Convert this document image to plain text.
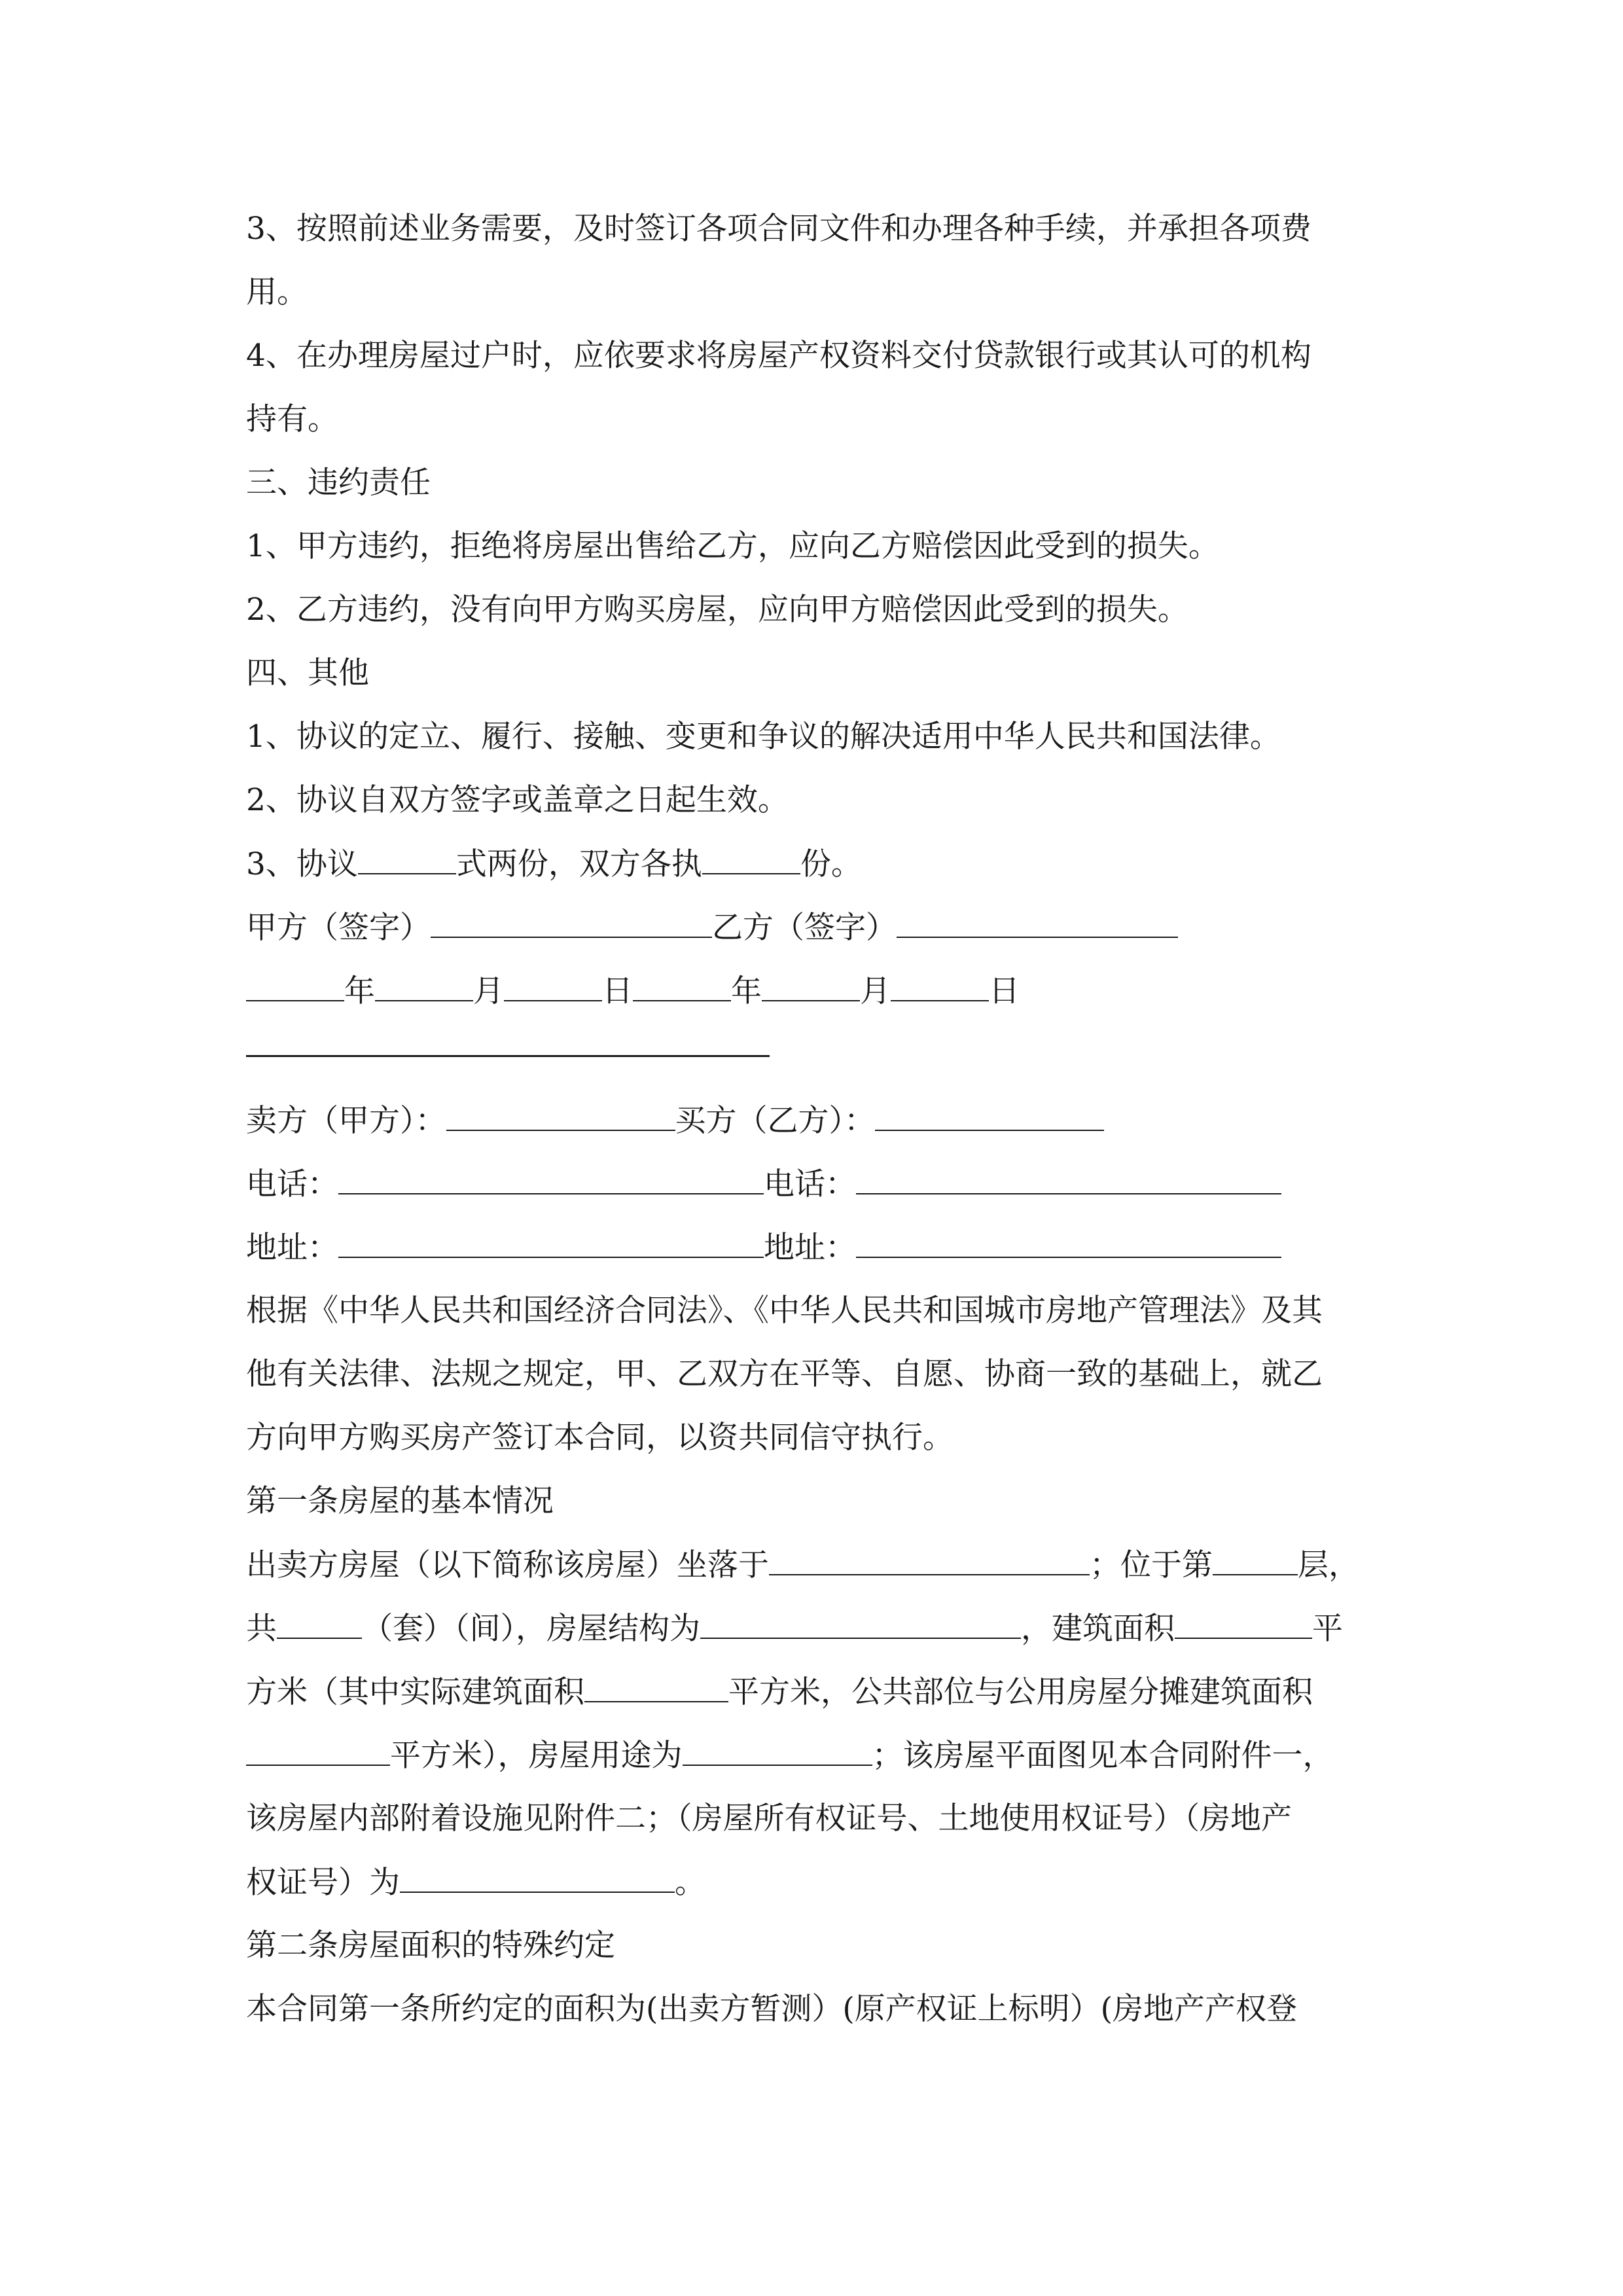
3、按照前述业务需要，及时签订各项合同文件和办理各种手续，并承担各项费
用。
4、在办理房屋过户时，应依要求将房屋产权资料交付贷款银行或其认可的机构
持有。
三、违约责任
1、甲方违约，拒绝将房屋出售给乙方，应向乙方赔偿因此受到的损失。
2、乙方违约，没有向甲方购买房屋，应向甲方赔偿因此受到的损失。
四、其他
1、协议的定立、履行、接触、变更和争议的解决适用中华人民共和国法律。
2、协议自双方签字或盖章之日起生效。
3、协议	式两份，双方各执	份。
甲方（签字）	乙方（签字）
年	月	日	年	月	日
卖方（甲方）：	买方（乙方）：
电话：	电话：
地址：	地址：
根据《中华人民共和国经济合同法》、《中华人民共和国城市房地产管理法》及其
他有关法律、法规之规定，甲、乙双方在平等、自愿、协商一致的基础上，就乙
方向甲方购买房产签订本合同，以资共同信守执行。
第一条房屋的基本情况
出卖方房屋（以下简称该房屋）坐落于	；位于第	层，
共	（套）（间），房屋结构为	，建筑面积	平
方米（其中实际建筑面积	平方米，公共部位与公用房屋分摊建筑面积
平方米），房屋用途为	；该房屋平面图见本合同附件一，
该房屋内部附着设施见附件二；（房屋所有权证号、土地使用权证号）（房地产
权证号）为	。
第二条房屋面积的特殊约定
本合同第一条所约定的面积为(出卖方暂测）(原产权证上标明）(房地产产权登
